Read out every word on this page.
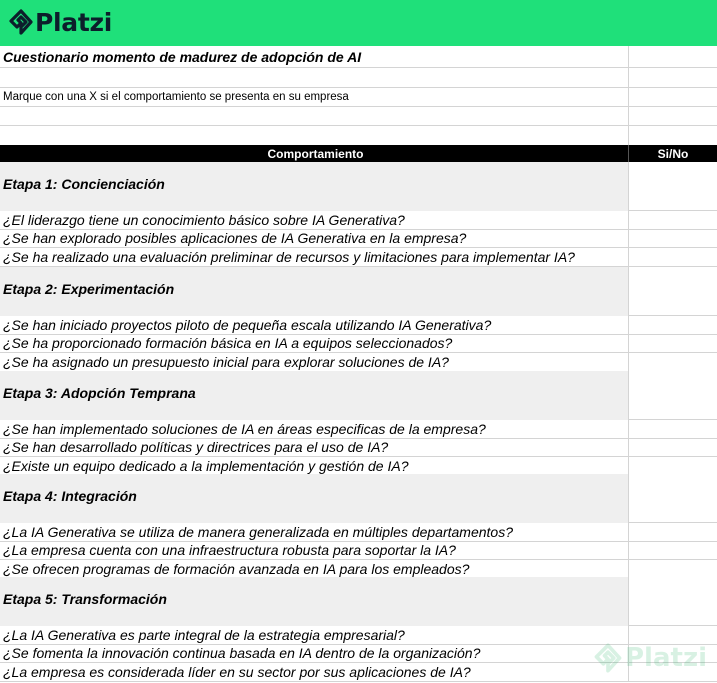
Platzi
Cuestionario momento de madurez de adopción de AI
Marque con una X si el comportamiento se presenta en su empresa
Comportamiento	Si/No
Etapa 1: Concienciación
¿El liderazgo tiene un conocimiento básico sobre IA Generativa?
¿Se han explorado posibles aplicaciones de IA Generativa en la empresa?
¿Se ha realizado una evaluación preliminar de recursos y limitaciones para implementar IA?
Etapa 2: Experimentación
¿Se han iniciado proyectos piloto de pequeña escala utilizando IA Generativa?
¿Se ha proporcionado formación básica en IA a equipos seleccionados?
¿Se ha asignado un presupuesto inicial para explorar soluciones de IA?
Etapa 3: Adopción Temprana
¿Se han implementado soluciones de IA en áreas especificas de la empresa?
¿Se han desarrollado políticas y directrices para el uso de IA?
¿Existe un equipo dedicado a la implementación y gestión de IA?
Etapa 4: Integración
¿La IA Generativa se utiliza de manera generalizada en múltiples departamentos?
¿La empresa cuenta con una infraestructura robusta para soportar la IA?
¿Se ofrecen programas de formación avanzada en IA para los empleados?
Etapa 5: Transformación
¿La IA Generativa es parte integral de la estrategia empresarial?
¿Se fomenta la innovación continua basada en IA dentro de la organización?
¿La empresa es considerada líder en su sector por sus aplicaciones de IA?	Platzi
